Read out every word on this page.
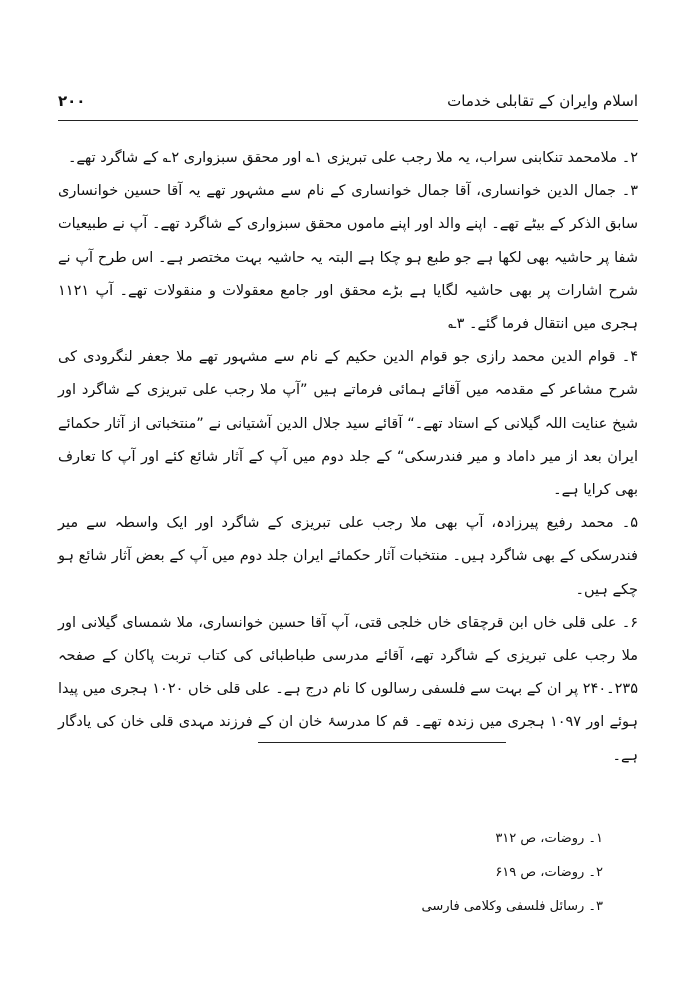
اسلام وایران کے تقابلی خدمات
۲۰۰

۲۔ ملامحمد تنکابنی سراب، یہ ملا رجب علی تبریزی ۱؎ اور محقق سبزواری ۲؎ کے شاگرد تھے۔

۳۔ جمال الدین خوانساری، آقا جمال خوانساری کے نام سے مشہور تھے یہ آقا حسین خوانساری سابق الذکر کے بیٹے تھے۔ اپنے والد اور اپنے ماموں محقق سبزواری کے شاگرد تھے۔ آپ نے طبیعیات شفا پر حاشیہ بھی لکھا ہے جو طبع ہو چکا ہے البتہ یہ حاشیہ بہت مختصر ہے۔ اس طرح آپ نے شرح اشارات پر بھی حاشیہ لگایا ہے بڑے محقق اور جامع معقولات و منقولات تھے۔ آپ ۱۱۲۱ ہجری میں انتقال فرما گئے۔ ۳؎

۴۔ قوام الدین محمد رازی جو قوام الدین حکیم کے نام سے مشہور تھے ملا جعفر لنگرودی کی شرح مشاعر کے مقدمہ میں آقائے ہمائی فرماتے ہیں ”آپ ملا رجب علی تبریزی کے شاگرد اور شیخ عنایت اللہ گیلانی کے استاد تھے۔“ آقائے سید جلال الدین آشتیانی نے ”منتخباتی از آثار حکمائے ایران بعد از میر داماد و میر فندرسکی“ کے جلد دوم میں آپ کے آثار شائع کئے اور آپ کا تعارف بھی کرایا ہے۔

۵۔ محمد رفیع پیرزادہ، آپ بھی ملا رجب علی تبریزی کے شاگرد اور ایک واسطہ سے میر فندرسکی کے بھی شاگرد ہیں۔ منتخبات آثار حکمائے ایران جلد دوم میں آپ کے بعض آثار شائع ہو چکے ہیں۔

۶۔ علی قلی خاں ابن قرچقای خاں خلجی قتی، آپ آقا حسین خوانساری، ملا شمسای گیلانی اور ملا رجب علی تبریزی کے شاگرد تھے، آقائے مدرسی طباطبائی کی کتاب تربت پاکان کے صفحہ ۲۳۵۔۲۴۰ پر ان کے بہت سے فلسفی رسالوں کا نام درج ہے۔ علی قلی خاں ۱۰۲۰ ہجری میں پیدا ہوئے اور ۱۰۹۷ ہجری میں زندہ تھے۔ قم کا مدرسۂ خان ان کے فرزند مہدی قلی خان کی یادگار ہے۔

۱۔ روضات، ص ۳۱۲

۲۔ روضات، ص ۶۱۹

۳۔ رسائل فلسفی وکلامی فارسی
